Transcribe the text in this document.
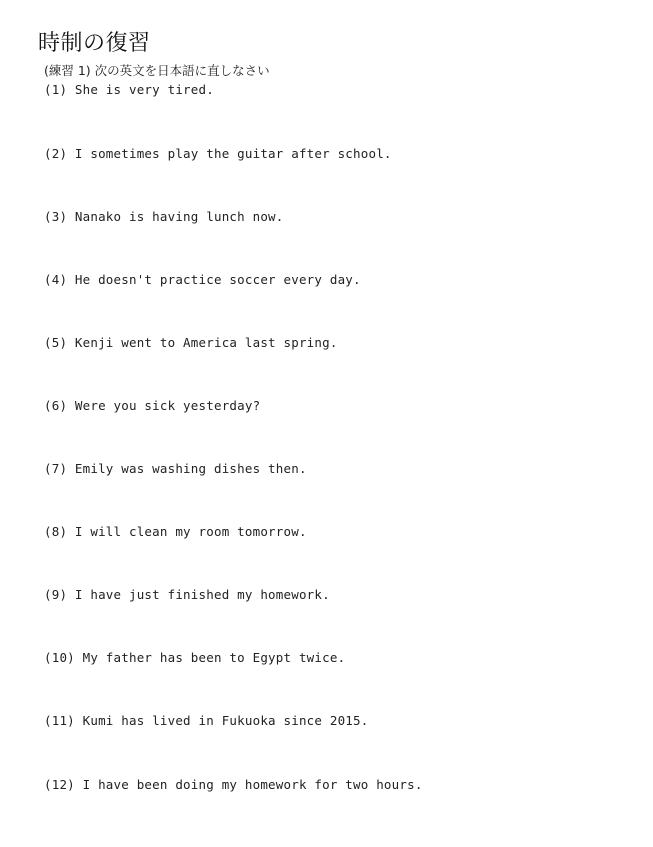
時制の復習
(練習 1) 次の英文を日本語に直しなさい
(1) She is very tired.
(2) I sometimes play the guitar after school.
(3) Nanako is having lunch now.
(4) He doesn't practice soccer every day.
(5) Kenji went to America last spring.
(6) Were you sick yesterday?
(7) Emily was washing dishes then.
(8) I will clean my room tomorrow.
(9) I have just finished my homework.
(10) My father has been to Egypt twice.
(11) Kumi has lived in Fukuoka since 2015.
(12) I have been doing my homework for two hours.
